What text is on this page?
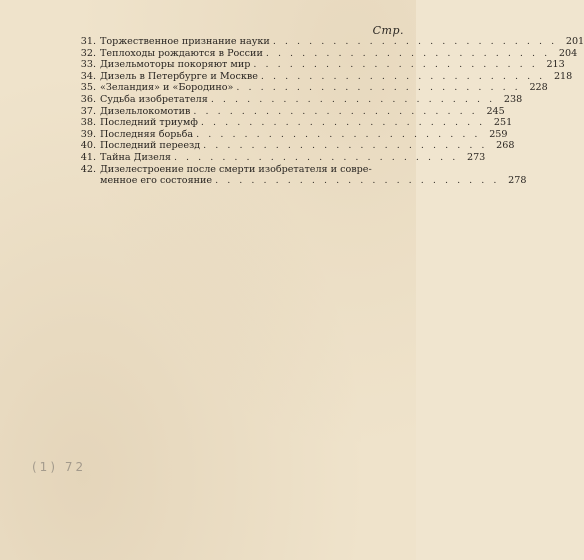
Стр.
31. Торжественное признание науки . . . . . . . . . . . . . . . . . . . . . . . . 201
32. Теплоходы рождаются в России . . . . . . . . . . . . . . . . . . . . . . . . 204
33. Дизельмоторы покоряют мир . . . . . . . . . . . . . . . . . . . . . . . . 213
34. Дизель в Петербурге и Москве . . . . . . . . . . . . . . . . . . . . . . . . 218
35. «Зеландия» и «Бородино» . . . . . . . . . . . . . . . . . . . . . . . . 228
36. Судьба изобретателя . . . . . . . . . . . . . . . . . . . . . . . . 238
37. Дизельлокомотив . . . . . . . . . . . . . . . . . . . . . . . . 245
38. Последний триумф . . . . . . . . . . . . . . . . . . . . . . . . 251
39. Последняя борьба . . . . . . . . . . . . . . . . . . . . . . . . 259
40. Последний переезд . . . . . . . . . . . . . . . . . . . . . . . . 268
41. Тайна Дизеля . . . . . . . . . . . . . . . . . . . . . . . . 273
42. Дизелестроение после смерти изобретателя и совре-
менное его состояние . . . . . . . . . . . . . . . . . . . . . . . . 278
(1) 72
